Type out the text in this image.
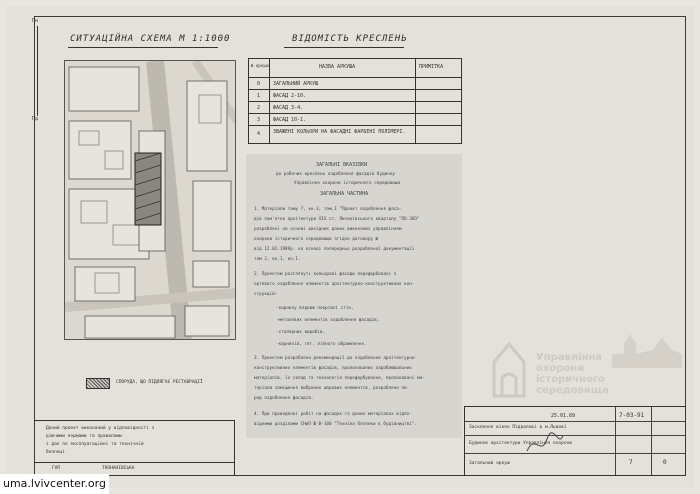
Пн
Пд
СИТУАЦІЙНА СХЕМА М 1:1000	ВІДОМІСТЬ КРЕСЛЕНЬ
№ аркуша	НАЗВА АРКУША	ПРИМІТКА
0	ЗАГАЛЬНИЙ АРКУШ
1	ФАСАД 2-10.
2	ФАСАД 3-4.
3	ФАСАД 10-1.
4	ЗВАЖЕНІ КОЛЬОРИ НА ФАСАДНІ ФАРБЕНІ ПОЛІМЕРІ.
ЗАГАЛЬНІ ВКАЗІВКИ
до робочих креслень оздоблення фасадів будинку
Управління охорони історичного середовища
ЗАГАЛЬНА ЧАСТИНА
1. Матеріали тому 7, кн.3, том.I "Проект оздоблення фаса-
дів пам'яток архітектури XIX ст. Личаківського кварталу "ПО.ЗОО"
розроблені на основі вихідних даних виконаних управлінням
охорони історичного середовища згідно договору №
від 12.02.1989р. на основі попередньо розробленої документації
том 2, кн.1, кн.1.
2. Проектом розглянуті кольорові фасади перефарбовані з
ортевого оздоблення елементів архітектурно-конструктивних кон-
струкцій:
-карнизу вздовж покрівлі стін,
-металевих елементів оздоблення фасадів,
-столярних виробів,
-карнизів, тяг, ліпного обрамлення.
3. Проектом розроблено рекомендації до оздоблення архітектурно-
конструктивних елементів фасадів, пропонованих оздоблювальних
матеріалів, їх склад та технологія перефарбування, пропоновані ма-
теріали заміщення вибраних шарових елементів, розроблено по-
ряд оздоблення фасадів.
4. При проведенні робіт на фасадах та даних матеріалах відпо-
відними розділами СНиП Ш-В-100 "Техніка безпеки в будівництві".
СПОРУДА, ЩО ПІДЛЯГАЄ РЕСТАВРАЦІЇ
Даний проект виконаний у відповідності з
діючими нормами та правилами
і дає по експлуатаційні та технічній
безпеці
ГАП	ТКОНАНІВСЬКА
Управління
охорони
історичного
середовища
25.01.89	7-03-91
Засклення вікон Підвалові в м.Львові
Будинок архітектури Управління охорони
Загальний аркуш	7	0
uma.lvivcenter.org
